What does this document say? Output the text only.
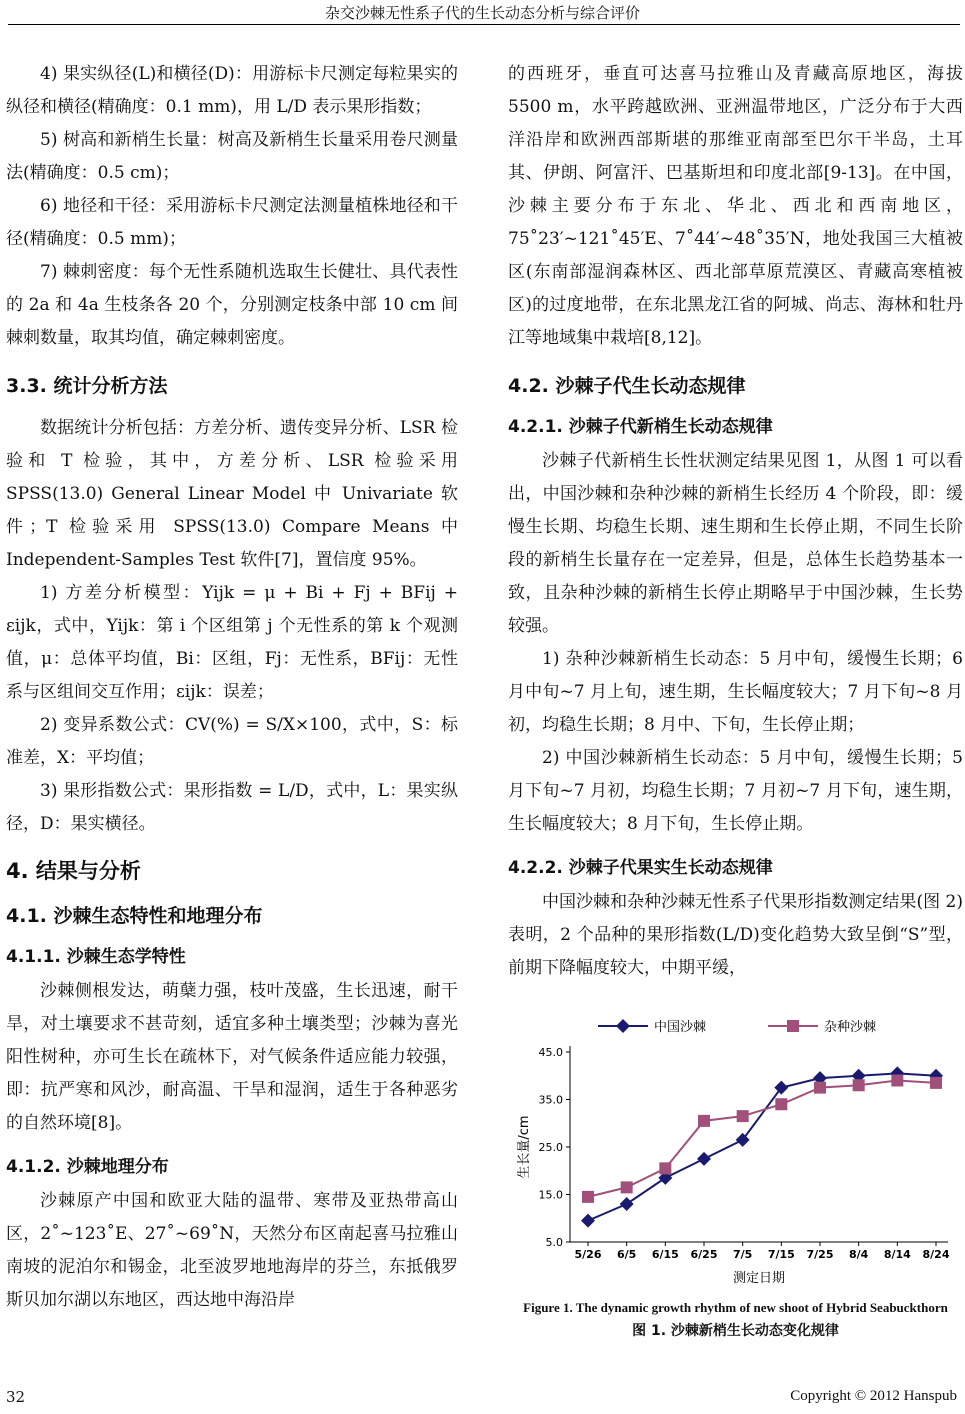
杂交沙棘无性系子代的生长动态分析与综合评价

4) 果实纵径(L)和横径(D)：用游标卡尺测定每粒果实的纵径和横径(精确度：0.1 mm)，用 L/D 表示果形指数；

5) 树高和新梢生长量：树高及新梢生长量采用卷尺测量法(精确度：0.5 cm)；

6) 地径和干径：采用游标卡尺测定法测量植株地径和干径(精确度：0.5 mm)；

7) 棘刺密度：每个无性系随机选取生长健壮、具代表性的 2a 和 4a 生枝条各 20 个，分别测定枝条中部 10 cm 间棘刺数量，取其均值，确定棘刺密度。

3.3. 统计分析方法

数据统计分析包括：方差分析、遗传变异分析、LSR 检验和 T 检验，其中，方差分析、LSR 检验采用 SPSS(13.0) General Linear Model 中 Univariate 软件；T 检验采用 SPSS(13.0) Compare Means 中 Independent-Samples Test 软件[7]，置信度 95%。

1) 方差分析模型：Yijk = μ + Bi + Fj + BFij + εijk，式中，Yijk：第 i 个区组第 j 个无性系的第 k 个观测值，μ：总体平均值，Bi：区组，Fj：无性系，BFij：无性系与区组间交互作用；εijk：误差；

2) 变异系数公式：CV(%) = S/X×100，式中，S：标准差，X：平均值；

3) 果形指数公式：果形指数 = L/D，式中，L：果实纵径，D：果实横径。

4. 结果与分析
4.1. 沙棘生态特性和地理分布
4.1.1. 沙棘生态学特性

沙棘侧根发达，萌蘖力强，枝叶茂盛，生长迅速，耐干旱，对土壤要求不甚苛刻，适宜多种土壤类型；沙棘为喜光阳性树种，亦可生长在疏林下，对气候条件适应能力较强，即：抗严寒和风沙，耐高温、干旱和湿润，适生于各种恶劣的自然环境[8]。

4.1.2. 沙棘地理分布

沙棘原产中国和欧亚大陆的温带、寒带及亚热带高山区，2˚~123˚E、27˚~69˚N，天然分布区南起喜马拉雅山南坡的泥泊尔和锡金，北至波罗地地海岸的芬兰，东抵俄罗斯贝加尔湖以东地区，西达地中海沿岸

的西班牙，垂直可达喜马拉雅山及青藏高原地区，海拔 5500 m，水平跨越欧洲、亚洲温带地区，广泛分布于大西洋沿岸和欧洲西部斯堪的那维亚南部至巴尔干半岛，土耳其、伊朗、阿富汗、巴基斯坦和印度北部[9-13]。在中国，沙棘主要分布于东北、华北、西北和西南地区，75˚23′~121˚45′E、7˚44′~48˚35′N，地处我国三大植被区(东南部湿润森林区、西北部草原荒漠区、青藏高寒植被区)的过度地带，在东北黑龙江省的阿城、尚志、海林和牡丹江等地域集中栽培[8,12]。

4.2. 沙棘子代生长动态规律
4.2.1. 沙棘子代新梢生长动态规律

沙棘子代新梢生长性状测定结果见图 1，从图 1 可以看出，中国沙棘和杂种沙棘的新梢生长经历 4 个阶段，即：缓慢生长期、均稳生长期、速生期和生长停止期，不同生长阶段的新梢生长量存在一定差异，但是，总体生长趋势基本一致，且杂种沙棘的新梢生长停止期略早于中国沙棘，生长势较强。

1) 杂种沙棘新梢生长动态：5 月中旬，缓慢生长期；6 月中旬~7 月上旬，速生期，生长幅度较大；7 月下旬~8 月初，均稳生长期；8 月中、下旬，生长停止期；

2) 中国沙棘新梢生长动态：5 月中旬，缓慢生长期；5 月下旬~7 月初，均稳生长期；7 月初~7 月下旬，速生期，生长幅度较大；8 月下旬，生长停止期。

4.2.2. 沙棘子代果实生长动态规律

中国沙棘和杂种沙棘无性系子代果形指数测定结果(图 2)表明，2 个品种的果形指数(L/D)变化趋势大致呈倒“S”型，前期下降幅度较大，中期平缓，

5.0
15.0
25.0
35.0
45.0
5/26 6/5 6/15 6/25 7/5 7/15 7/25 8/4 8/14 8/24
测定日期
生长量/cm
中国沙棘	杂种沙棘
Figure 1. The dynamic growth rhythm of new shoot of Hybrid Seabuckthorn
图 1. 沙棘新梢生长动态变化规律
32	Copyright © 2012 Hanspub
